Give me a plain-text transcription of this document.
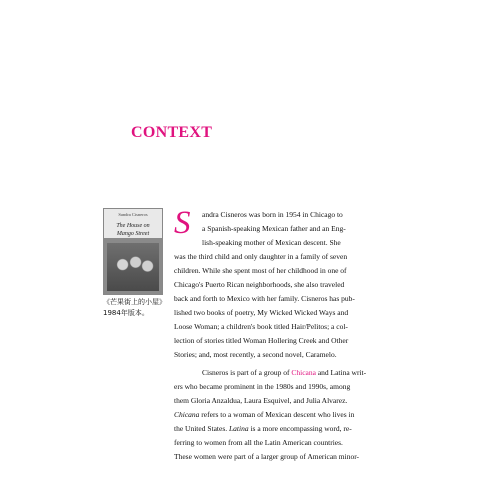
CONTEXT
Sandra Cisneros
The House on
Mango Street
《芒果街上的小屋》
1984年版本。
S andra Cisneros was born in 1954 in Chicago to
a Spanish-speaking Mexican father and an Eng-
lish-speaking mother of Mexican descent. She
was the third child and only daughter in a family of seven
children. While she spent most of her childhood in one of
Chicago's Puerto Rican neighborhoods, she also traveled
back and forth to Mexico with her family. Cisneros has pub-
lished two books of poetry, My Wicked Wicked Ways and
Loose Woman; a children's book titled Hair/Pelitos; a col-
lection of stories titled Woman Hollering Creek and Other
Stories; and, most recently, a second novel, Caramelo.
Cisneros is part of a group of Chicana and Latina writ-
ers who became prominent in the 1980s and 1990s, among
them Gloria Anzaldua, Laura Esquivel, and Julia Alvarez.
Chicana refers to a woman of Mexican descent who lives in
the United States. Latina is a more encompassing word, re-
ferring to women from all the Latin American countries.
These women were part of a larger group of American minor-
